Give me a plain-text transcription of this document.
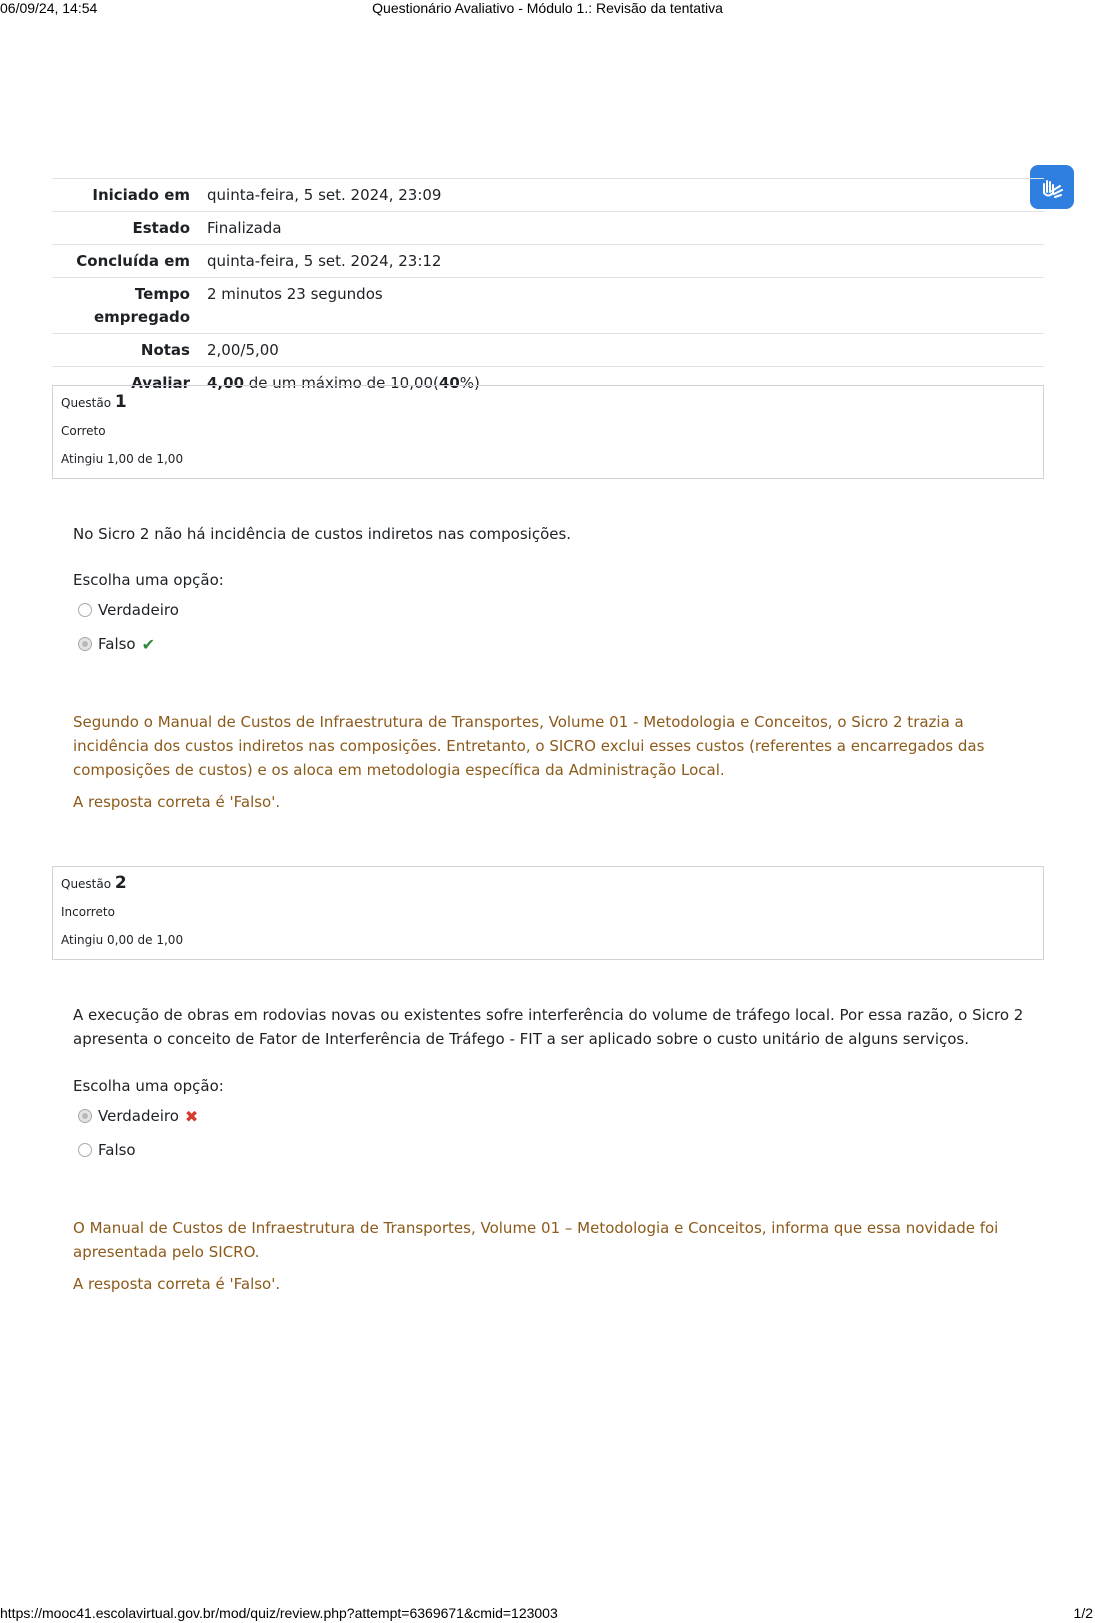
06/09/24, 14:54	Questionário Avaliativo - Módulo 1.: Revisão da tentativa
Iniciado em	quinta-feira, 5 set. 2024, 23:09
Estado	Finalizada
Concluída em	quinta-feira, 5 set. 2024, 23:12
Tempo empregado	2 minutos 23 segundos
Notas	2,00/5,00
Avaliar	4,00 de um máximo de 10,00(40%)
Questão 1
Correto
Atingiu 1,00 de 1,00
No Sicro 2 não há incidência de custos indiretos nas composições.
Escolha uma opção:
Verdadeiro
Falso ✔
Segundo o Manual de Custos de Infraestrutura de Transportes, Volume 01 - Metodologia e Conceitos, o Sicro 2 trazia a incidência dos custos indiretos nas composições. Entretanto, o SICRO exclui esses custos (referentes a encarregados das composições de custos) e os aloca em metodologia específica da Administração Local.
A resposta correta é 'Falso'.
Questão 2
Incorreto
Atingiu 0,00 de 1,00
A execução de obras em rodovias novas ou existentes sofre interferência do volume de tráfego local. Por essa razão, o Sicro 2 apresenta o conceito de Fator de Interferência de Tráfego - FIT a ser aplicado sobre o custo unitário de alguns serviços.
Escolha uma opção:
Verdadeiro ✖
Falso
O Manual de Custos de Infraestrutura de Transportes, Volume 01 – Metodologia e Conceitos, informa que essa novidade foi apresentada pelo SICRO.
A resposta correta é 'Falso'.
https://mooc41.escolavirtual.gov.br/mod/quiz/review.php?attempt=6369671&cmid=123003	1/2
